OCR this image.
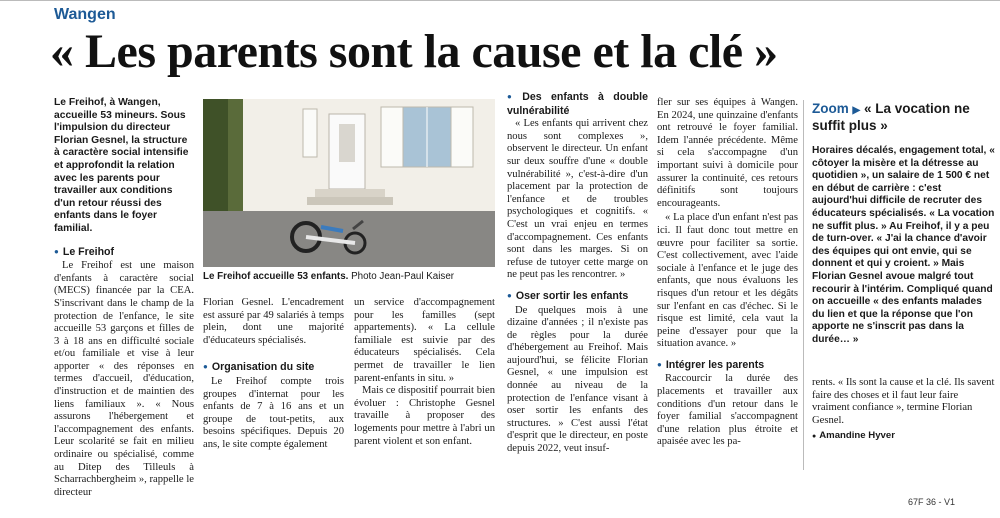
Wangen
« Les parents sont la cause et la clé »
Le Freihof, à Wangen, accueille 53 mineurs. Sous l'impulsion du directeur Florian Gesnel, la structure à caractère social intensifie et approfondit la relation avec les parents pour travailler aux conditions d'un retour réussi des enfants dans le foyer familial.
● Le Freihof

Le Freihof est une maison d'enfants à caractère social (MECS) financée par la CEA. S'inscrivant dans le champ de la protection de l'enfance, le site accueille 53 garçons et filles de 3 à 18 ans en difficulté sociale et/ou familiale et vise à leur apporter « des réponses en termes d'accueil, d'éducation, d'instruction et de maintien des liens familiaux ». « Nous assurons l'hébergement et l'accompagnement des enfants. Leur scolarité se fait en milieu ordinaire ou spécialisé, comme au Ditep des Tilleuls à Scharrachbergheim », rappelle le directeur

Le Freihof accueille 53 enfants. Photo Jean-Paul Kaiser

Florian Gesnel. L'encadrement est assuré par 49 salariés à temps plein, dont une majorité d'éducateurs spécialisés.

● Organisation du site

Le Freihof compte trois groupes d'internat pour les enfants de 7 à 16 ans et un groupe de tout-petits, aux besoins spécifiques. Depuis 20 ans, le site compte également

un service d'accompagnement pour les familles (sept appartements). « La cellule familiale est suivie par des éducateurs spécialisés. Cela permet de travailler le lien parent-enfants in situ. »

Mais ce dispositif pourrait bien évoluer : Christophe Gesnel travaille à proposer des logements pour mettre à l'abri un parent violent et son enfant.

● Des enfants à double vulnérabilité

« Les enfants qui arrivent chez nous sont complexes », observent le directeur. Un enfant sur deux souffre d'une « double vulnérabilité », c'est-à-dire d'un placement par la protection de l'enfance et de troubles psychologiques et cognitifs. « C'est un vrai enjeu en termes d'accompagnement. Ces enfants sont dans les marges. Si on refuse de tutoyer cette marge on ne peut pas les rencontrer. »

● Oser sortir les enfants

De quelques mois à une dizaine d'années ; il n'existe pas de règles pour la durée d'hébergement au Freihof. Mais aujourd'hui, se félicite Florian Gesnel, « une impulsion est donnée au niveau de la protection de l'enfance visant à oser sortir les enfants des structures. » C'est aussi l'état d'esprit que le directeur, en poste depuis 2022, veut insuf-

fler sur ses équipes à Wangen. En 2024, une quinzaine d'enfants ont retrouvé le foyer familial. Idem l'année précédente. Même si cela s'accompagne d'un important suivi à domicile pour assurer la continuité, ces retours définitifs sont toujours encourageants.

« La place d'un enfant n'est pas ici. Il faut donc tout mettre en œuvre pour faciliter sa sortie. C'est collectivement, avec l'aide sociale à l'enfance et le juge des enfants, que nous évaluons les risques d'un retour et les dégâts sur l'enfant en cas d'échec. Si le risque est limité, cela vaut la peine d'essayer pour que la situation avance. »

● Intégrer les parents

Raccourcir la durée des placements et travailler aux conditions d'un retour dans le foyer familial s'accompagnent d'une relation plus étroite et apaisée avec les pa-

Zoom ▶ « La vocation ne suffit plus »
Horaires décalés, engagement total, « côtoyer la misère et la détresse au quotidien », un salaire de 1 500 € net en début de carrière : c'est aujourd'hui difficile de recruter des éducateurs spécialisés. « La vocation ne suffit plus. » Au Freihof, il y a peu de turn-over. « J'ai la chance d'avoir des équipes qui ont envie, qui se donnent et qui y croient. » Mais Florian Gesnel avoue malgré tout recourir à l'intérim. Compliqué quand on accueille « des enfants malades du lien et que la réponse que l'on apporte ne s'inscrit pas dans la durée… »
rents. « Ils sont la cause et la clé. Ils savent faire des choses et il faut leur faire vraiment confiance », termine Florian Gesnel.
● Amandine Hyver
67F 36 - V1
